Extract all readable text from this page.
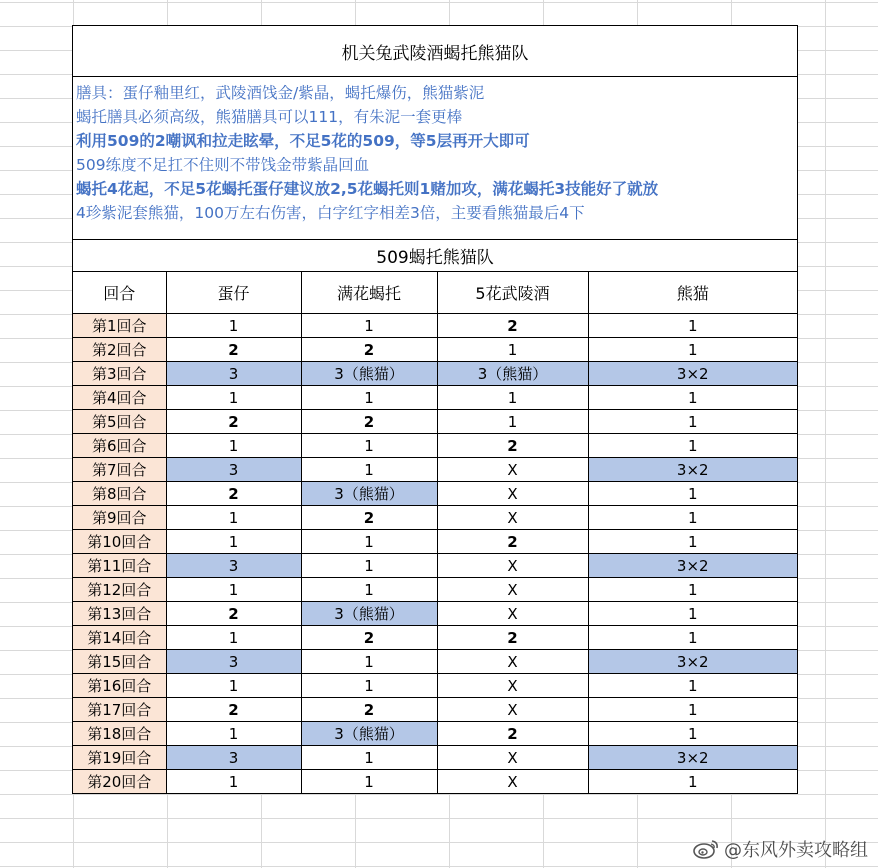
机关兔武陵酒蝎托熊猫队
膳具：蛋仔釉里红，武陵酒饯金/紫晶，蝎托爆伤，熊猫紫泥
蝎托膳具必须高级，熊猫膳具可以111，有朱泥一套更棒
利用509的2嘲讽和拉走眩晕，不足5花的509，等5层再开大即可
509练度不足扛不住则不带饯金带紫晶回血
蝎托4花起，不足5花蝎托蛋仔建议放2,5花蝎托则1赌加攻，满花蝎托3技能好了就放
4珍紫泥套熊猫，100万左右伤害，白字红字相差3倍，主要看熊猫最后4下
509蝎托熊猫队
回合	蛋仔	满花蝎托	5花武陵酒	熊猫
第1回合	1	1	2	1
第2回合	2	2	1	1
第3回合	3	3（熊猫）	3（熊猫）	3×2
第4回合	1	1	1	1
第5回合	2	2	1	1
第6回合	1	1	2	1
第7回合	3	1	X	3×2
第8回合	2	3（熊猫）	X	1
第9回合	1	2	X	1
第10回合	1	1	2	1
第11回合	3	1	X	3×2
第12回合	1	1	X	1
第13回合	2	3（熊猫）	X	1
第14回合	1	2	2	1
第15回合	3	1	X	3×2
第16回合	1	1	X	1
第17回合	2	2	X	1
第18回合	1	3（熊猫）	2	1
第19回合	3	1	X	3×2
第20回合	1	1	X	1
@东风外卖攻略组
